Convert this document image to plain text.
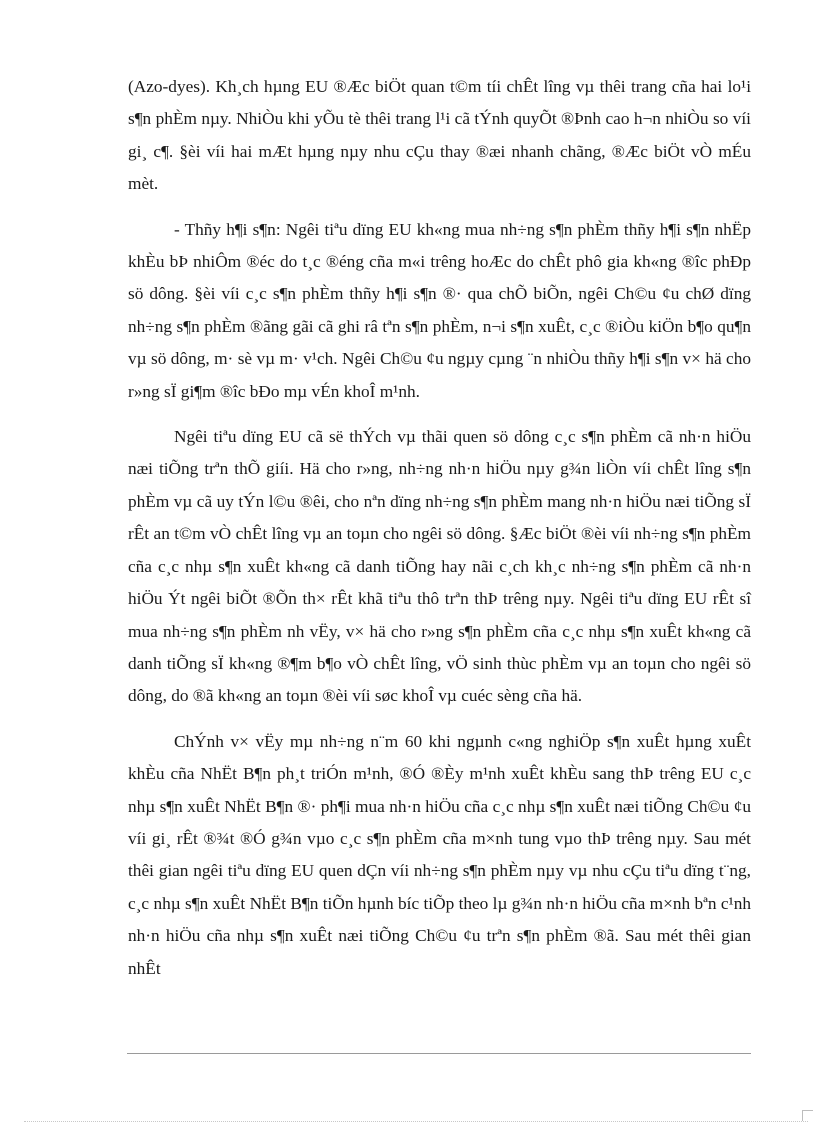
(Azo-dyes). Kh¸ch hµng EU ®Æc biÖt quan t©m tíi chÊt lîng vµ thêi trang cña hai lo¹i s¶n phÈm nµy. NhiÒu khi yÕu tè thêi trang l¹i cã tÝnh quyÕt ®Þnh cao h¬n nhiÒu so víi gi¸ c¶. §èi víi hai mÆt hµng nµy nhu cÇu thay ®æi nhanh chãng, ®Æc biÖt vÒ mÉu mèt.

- Thñy h¶i s¶n: Ngêi tiªu dïng EU kh«ng mua nh÷ng s¶n phÈm thñy h¶i s¶n nhËp khÈu bÞ nhiÔm ®éc do t¸c ®éng cña m«i trêng hoÆc do chÊt phô gia kh«ng ®îc phÐp sö dông. §èi víi c¸c s¶n phÈm thñy h¶i s¶n ®· qua chÕ biÕn, ngêi Ch©u ¢u chØ dïng nh÷ng s¶n phÈm ®ãng gãi cã ghi râ tªn s¶n phÈm, n¬i s¶n xuÊt, c¸c ®iÒu kiÖn b¶o qu¶n vµ sö dông, m· sè vµ m· v¹ch. Ngêi Ch©u ¢u ngµy cµng ¨n nhiÒu thñy h¶i s¶n v× hä cho r»ng sÏ gi¶m ®îc bÐo mµ vÉn khoÎ m¹nh.

Ngêi tiªu dïng EU cã së thÝch vµ thãi quen sö dông c¸c s¶n phÈm cã nh·n hiÖu næi tiÕng trªn thÕ giíi. Hä cho r»ng, nh÷ng nh·n hiÖu nµy g¾n liÒn víi chÊt lîng s¶n phÈm vµ cã uy tÝn l©u ®êi, cho nªn dïng nh÷ng s¶n phÈm mang nh·n hiÖu næi tiÕng sÏ rÊt an t©m vÒ chÊt lîng vµ an toµn cho ngêi sö dông. §Æc biÖt ®èi víi nh÷ng s¶n phÈm cña c¸c nhµ s¶n xuÊt kh«ng cã danh tiÕng hay nãi c¸ch kh¸c nh÷ng s¶n phÈm cã nh·n hiÖu Ýt ngêi biÕt ®Õn th× rÊt khã tiªu thô trªn thÞ trêng nµy. Ngêi tiªu dïng EU rÊt sî mua nh÷ng s¶n phÈm nh vËy, v× hä cho r»ng s¶n phÈm cña c¸c nhµ s¶n xuÊt kh«ng cã danh tiÕng sÏ kh«ng ®¶m b¶o vÒ chÊt lîng, vÖ sinh thùc phÈm vµ an toµn cho ngêi sö dông, do ®ã kh«ng an toµn ®èi víi søc khoÎ vµ cuéc sèng cña hä.

ChÝnh v× vËy mµ nh÷ng n¨m 60 khi ngµnh c«ng nghiÖp s¶n xuÊt hµng xuÊt khÈu cña NhËt B¶n ph¸t triÓn m¹nh, ®Ó ®Èy m¹nh xuÊt khÈu sang thÞ trêng EU c¸c nhµ s¶n xuÊt NhËt B¶n ®· ph¶i mua nh·n hiÖu cña c¸c nhµ s¶n xuÊt næi tiÕng Ch©u ¢u víi gi¸ rÊt ®¾t ®Ó g¾n vµo c¸c s¶n phÈm cña m×nh tung vµo thÞ trêng nµy. Sau mét thêi gian ngêi tiªu dïng EU quen dÇn víi nh÷ng s¶n phÈm nµy vµ nhu cÇu tiªu dïng t¨ng, c¸c nhµ s¶n xuÊt NhËt B¶n tiÕn hµnh bíc tiÕp theo lµ g¾n nh·n hiÖu cña m×nh bªn c¹nh nh·n hiÖu cña nhµ s¶n xuÊt næi tiÕng Ch©u ¢u trªn s¶n phÈm ®ã. Sau mét thêi gian nhÊt
